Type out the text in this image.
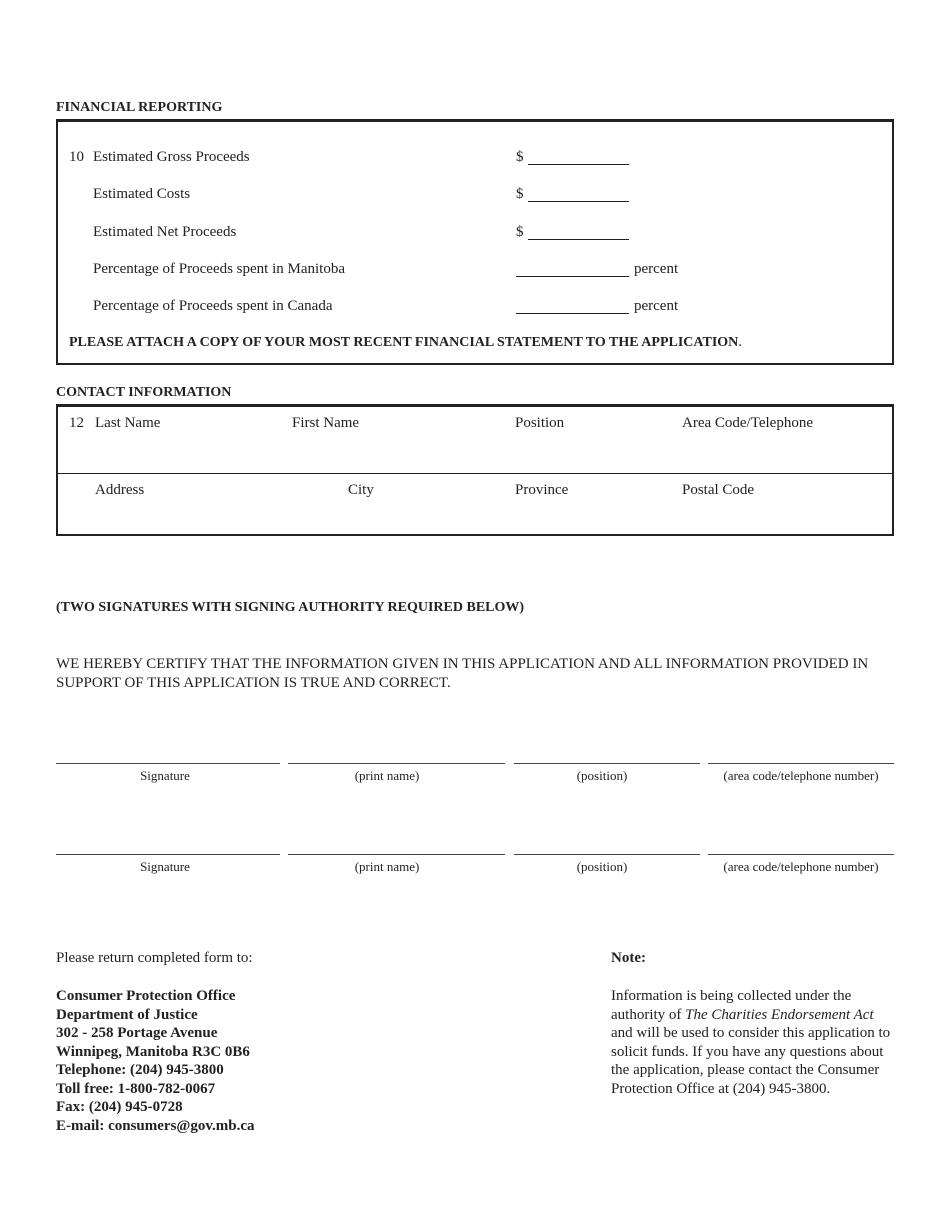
FINANCIAL REPORTING
10 Estimated Gross Proceeds	$
Estimated Costs	$
Estimated Net Proceeds	$
Percentage of Proceeds spent in Manitoba	percent
Percentage of Proceeds spent in Canada	percent
PLEASE ATTACH A COPY OF YOUR MOST RECENT FINANCIAL STATEMENT TO THE APPLICATION.
CONTACT INFORMATION
12 Last Name	First Name	Position	Area Code/Telephone
Address	City	Province	Postal Code
(TWO SIGNATURES WITH SIGNING AUTHORITY REQUIRED BELOW)
WE HEREBY CERTIFY THAT THE INFORMATION GIVEN IN THIS APPLICATION AND ALL INFORMATION PROVIDED IN SUPPORT OF THIS APPLICATION IS TRUE AND CORRECT.
Signature	(print name)	(position)	(area code/telephone number)
Signature	(print name)	(position)	(area code/telephone number)
Please return completed form to:
Consumer Protection Office
Department of Justice
302 - 258 Portage Avenue
Winnipeg, Manitoba R3C 0B6
Telephone: (204) 945-3800
Toll free: 1-800-782-0067
Fax: (204) 945-0728
E-mail: consumers@gov.mb.ca
Note:
Information is being collected under the authority of The Charities Endorsement Act and will be used to consider this application to solicit funds. If you have any questions about the application, please contact the Consumer Protection Office at (204) 945-3800.
